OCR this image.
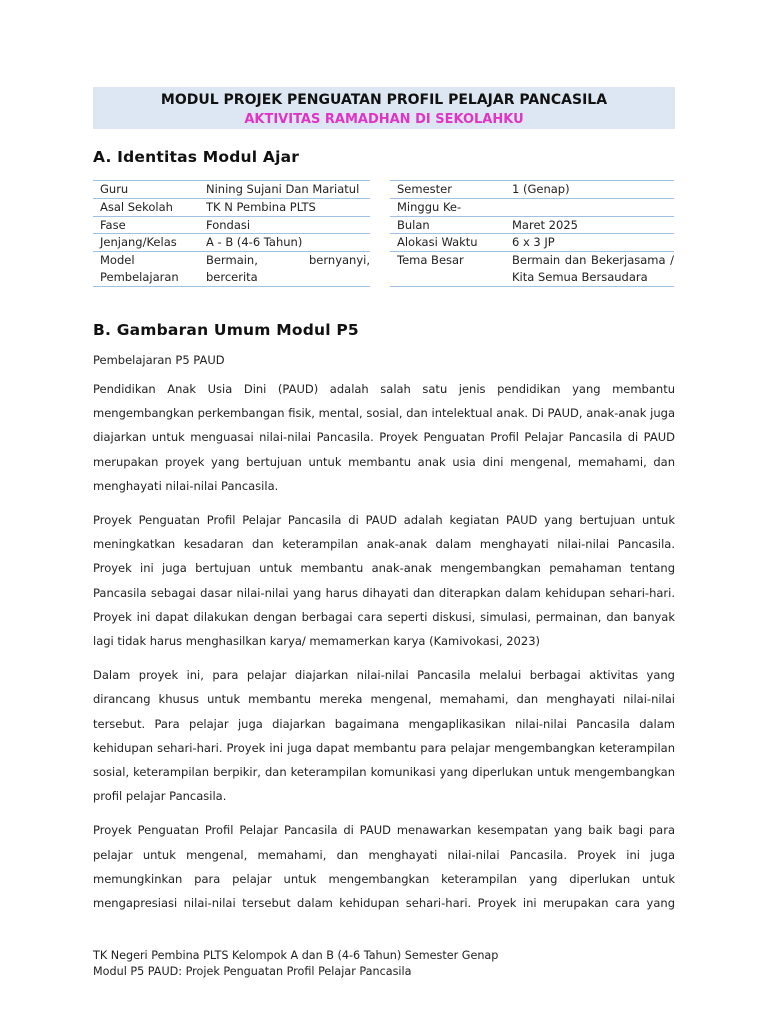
MODUL PROJEK PENGUATAN PROFIL PELAJAR PANCASILA
AKTIVITAS RAMADHAN DI SEKOLAHKU
A. Identitas Modul Ajar
Guru	Nining Sujani Dan Mariatul
Asal Sekolah	TK N Pembina PLTS
Fase	Fondasi
Jenjang/Kelas	A - B (4-6 Tahun)
Model Pembelajaran	Bermain, bernyanyi, bercerita
Semester	1 (Genap)
Minggu Ke-	
Bulan	Maret 2025
Alokasi Waktu	6 x 3 JP
Tema Besar	Bermain dan Bekerjasama / Kita Semua Bersaudara
B. Gambaran Umum Modul P5

Pembelajaran P5 PAUD

Pendidikan Anak Usia Dini (PAUD) adalah salah satu jenis pendidikan yang membantu mengembangkan perkembangan fisik, mental, sosial, dan intelektual anak. Di PAUD, anak-anak juga diajarkan untuk menguasai nilai-nilai Pancasila. Proyek Penguatan Profil Pelajar Pancasila di PAUD merupakan proyek yang bertujuan untuk membantu anak usia dini mengenal, memahami, dan menghayati nilai-nilai Pancasila.

Proyek Penguatan Profil Pelajar Pancasila di PAUD adalah kegiatan PAUD yang bertujuan untuk meningkatkan kesadaran dan keterampilan anak-anak dalam menghayati nilai-nilai Pancasila. Proyek ini juga bertujuan untuk membantu anak-anak mengembangkan pemahaman tentang Pancasila sebagai dasar nilai-nilai yang harus dihayati dan diterapkan dalam kehidupan sehari-hari. Proyek ini dapat dilakukan dengan berbagai cara seperti diskusi, simulasi, permainan, dan banyak lagi tidak harus menghasilkan karya/ memamerkan karya (Kamivokasi, 2023)

Dalam proyek ini, para pelajar diajarkan nilai-nilai Pancasila melalui berbagai aktivitas yang dirancang khusus untuk membantu mereka mengenal, memahami, dan menghayati nilai-nilai tersebut. Para pelajar juga diajarkan bagaimana mengaplikasikan nilai-nilai Pancasila dalam kehidupan sehari-hari. Proyek ini juga dapat membantu para pelajar mengembangkan keterampilan sosial, keterampilan berpikir, dan keterampilan komunikasi yang diperlukan untuk mengembangkan profil pelajar Pancasila.

Proyek Penguatan Profil Pelajar Pancasila di PAUD menawarkan kesempatan yang baik bagi para pelajar untuk mengenal, memahami, dan menghayati nilai-nilai Pancasila. Proyek ini juga memungkinkan para pelajar untuk mengembangkan keterampilan yang diperlukan untuk mengapresiasi nilai-nilai tersebut dalam kehidupan sehari-hari. Proyek ini merupakan cara yang

TK Negeri Pembina PLTS Kelompok A dan B (4-6 Tahun) Semester Genap
Modul P5 PAUD: Projek Penguatan Profil Pelajar Pancasila
